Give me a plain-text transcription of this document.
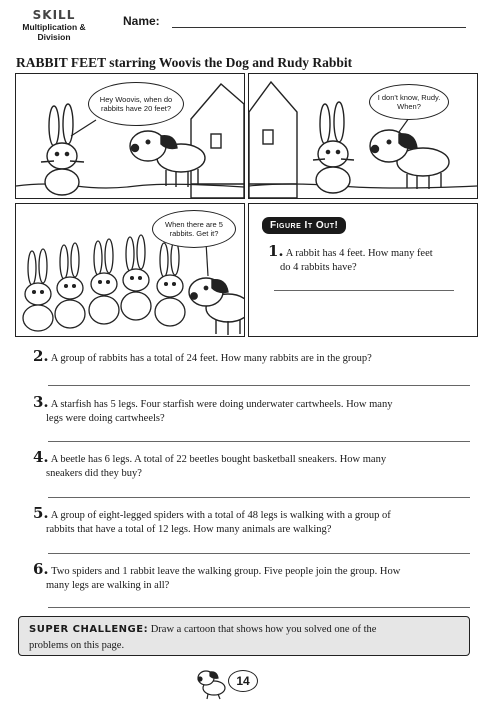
SKILL
Multiplication &
Division
Name:
RABBIT FEET starring Woovis the Dog and Rudy Rabbit
Hey Woovis, when do rabbits have 20 feet?
I don't know, Rudy. When?
When there are 5 rabbits. Get it?
Figure It Out!
1. A rabbit has 4 feet. How many feet
do 4 rabbits have?
2. A group of rabbits has a total of 24 feet. How many rabbits are in the group?
3. A starfish has 5 legs. Four starfish were doing underwater cartwheels. How many
legs were doing cartwheels?
4. A beetle has 6 legs. A total of 22 beetles bought basketball sneakers. How many
sneakers did they buy?
5. A group of eight-legged spiders with a total of 48 legs is walking with a group of
rabbits that have a total of 12 legs. How many animals are walking?
6. Two spiders and 1 rabbit leave the walking group. Five people join the group. How
many legs are walking in all?
SUPER CHALLENGE: Draw a cartoon that shows how you solved one of the
problems on this page.
14
